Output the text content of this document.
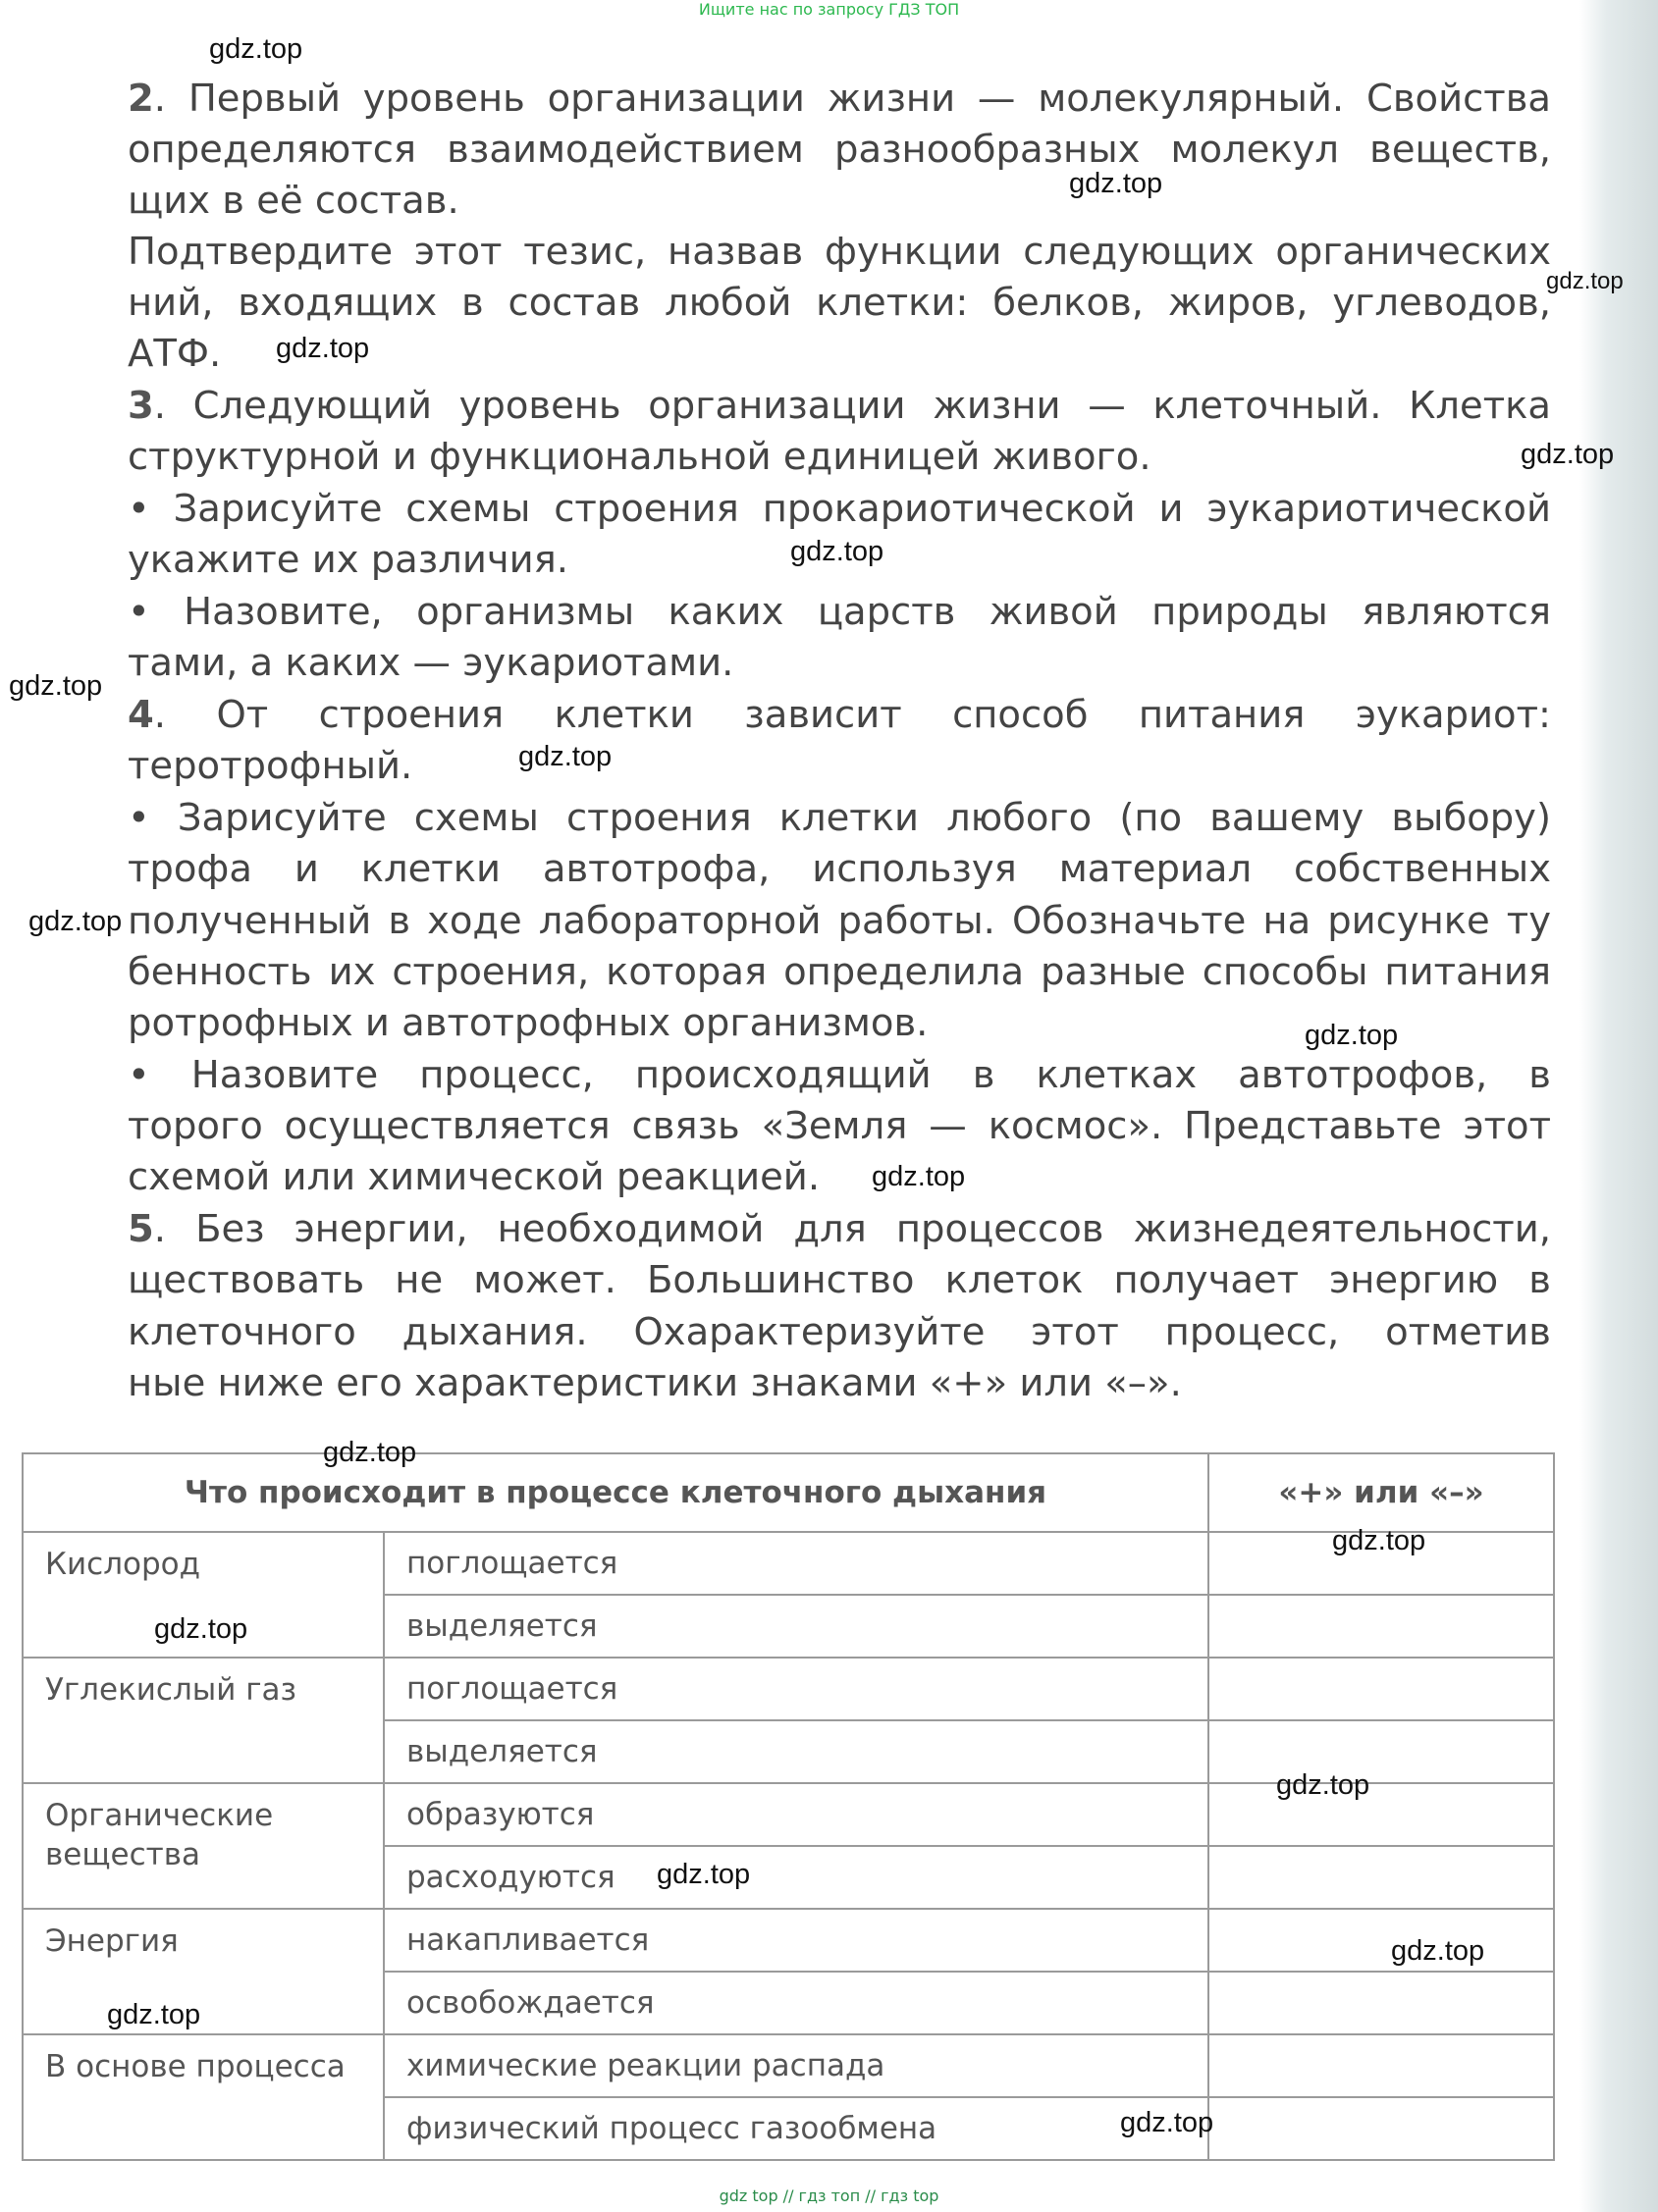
Ищите нас по запросу ГДЗ ТОП
2. Первый уровень организации жизни — молекулярный. Свойства
определяются взаимодействием разнообразных молекул веществ,
щих в её состав.
Подтвердите этот тезис, назвав функции следующих органических
ний, входящих в состав любой клетки: белков, жиров, углеводов,
АТФ.
3. Следующий уровень организации жизни — клеточный. Клетка
структурной и функциональной единицей живого.
• Зарисуйте схемы строения прокариотической и эукариотической
укажите их различия.
• Назовите, организмы каких царств живой природы являются
тами, а каких — эукариотами.
4. От строения клетки зависит способ питания эукариот:
теротрофный.
• Зарисуйте схемы строения клетки любого (по вашему выбору)
трофа и клетки автотрофа, используя материал собственных
полученный в ходе лабораторной работы. Обозначьте на рисунке ту
бенность их строения, которая определила разные способы питания
ротрофных и автотрофных организмов.
• Назовите процесс, происходящий в клетках автотрофов, в
торого осуществляется связь «Земля — космос». Представьте этот
схемой или химической реакцией.
5. Без энергии, необходимой для процессов жизнедеятельности,
ществовать не может. Большинство клеток получает энергию в
клеточного дыхания. Охарактеризуйте этот процесс, отметив
ные ниже его характеристики знаками «+» или «–».
Что происходит в процессе клеточного дыхания		«+» или «–»
Кислород	поглощается	
	выделяется	
Углекислый газ	поглощается	
	выделяется	
Органические вещества	образуются	
	расходуются	
Энергия	накапливается	
	освобождается	
В основе процесса	химические реакции распада	
	физический процесс газообмена	
gdz.top
gdz.top
gdz.top
gdz.top
gdz.top
gdz.top
gdz.top
gdz.top
gdz.top
gdz.top
gdz.top
gdz.top
gdz.top
gdz.top
gdz.top
gdz.top
gdz.top
gdz.top
gdz.top
gdz top // гдз топ // гдз top
